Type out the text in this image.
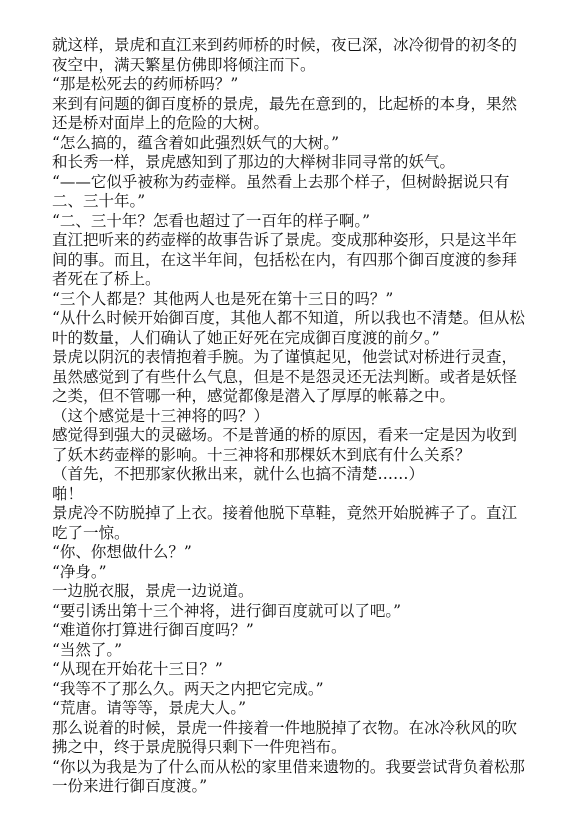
就这样，景虎和直江来到药师桥的时候，夜已深，冰冷彻骨的初冬的夜空中，满天繁星仿佛即将倾注而下。

“那是松死去的药师桥吗？”

来到有问题的御百度桥的景虎，最先在意到的，比起桥的本身，果然还是桥对面岸上的危险的大树。

“怎么搞的，蕴含着如此强烈妖气的大树。”

和长秀一样，景虎感知到了那边的大榉树非同寻常的妖气。

“——它似乎被称为药壶榉。虽然看上去那个样子，但树龄据说只有二、三十年。”

“二、三十年？怎看也超过了一百年的样子啊。”

直江把听来的药壶榉的故事告诉了景虎。变成那种姿形，只是这半年间的事。而且，在这半年间，包括松在内，有四那个御百度渡的参拜者死在了桥上。

“三个人都是？其他两人也是死在第十三日的吗？”

“从什么时候开始御百度，其他人都不知道，所以我也不清楚。但从松叶的数量，人们确认了她正好死在完成御百度渡的前夕。”

景虎以阴沉的表情抱着手腕。为了谨慎起见，他尝试对桥进行灵查，虽然感觉到了有些什么气息，但是不是怨灵还无法判断。或者是妖怪之类，但不管哪一种，感觉都像是潜入了厚厚的帐幕之中。

（这个感觉是十三神将的吗？）

感觉得到强大的灵磁场。不是普通的桥的原因，看来一定是因为收到了妖木药壶榉的影响。十三神将和那棵妖木到底有什么关系？

（首先，不把那家伙揪出来，就什么也搞不清楚……）

啪！

景虎冷不防脱掉了上衣。接着他脱下草鞋，竟然开始脱裤子了。直江吃了一惊。

“你、你想做什么？”

“净身。”

一边脱衣服，景虎一边说道。

“要引诱出第十三个神将，进行御百度就可以了吧。”

“难道你打算进行御百度吗？”

“当然了。”

“从现在开始花十三日？”

“我等不了那么久。两天之内把它完成。”

“荒唐。请等等，景虎大人。”

那么说着的时候，景虎一件接着一件地脱掉了衣物。在冰冷秋风的吹拂之中，终于景虎脱得只剩下一件兜裆布。

“你以为我是为了什么而从松的家里借来遗物的。我要尝试背负着松那一份来进行御百度渡。”
